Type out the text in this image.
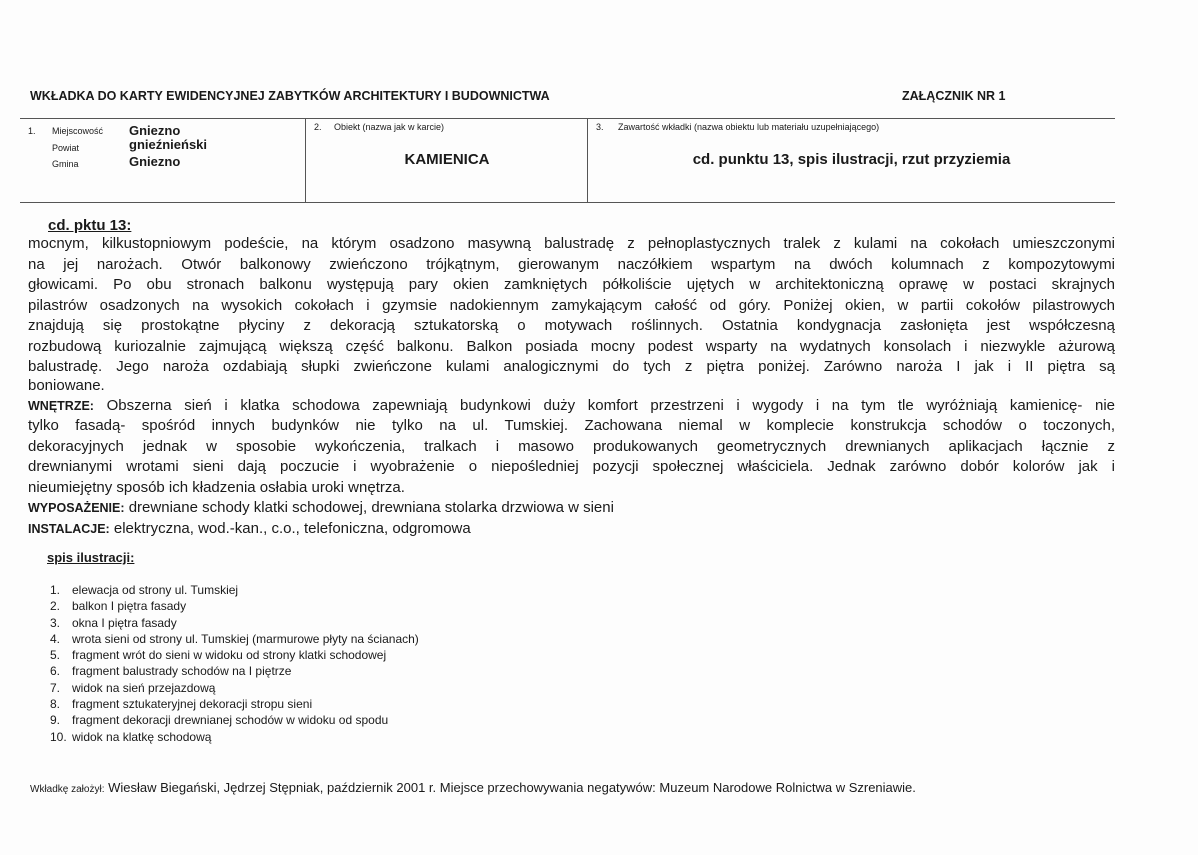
WKŁADKA DO KARTY EWIDENCYJNEJ ZABYTKÓW ARCHITEKTURY I BUDOWNICTWA	ZAŁĄCZNIK NR 1
1. Miejscowość Gniezno
Powiat	gnieźnieński
Gmina	Gniezno
2. Obiekt (nazwa jak w karcie)
KAMIENICA
3. Zawartość wkładki (nazwa obiektu lub materiału uzupełniającego)
cd. punktu 13, spis ilustracji, rzut przyziemia
cd. pktu 13:
mocnym, kilkustopniowym podeście, na którym osadzono masywną balustradę z pełnoplastycznych tralek z kulami na cokołach umieszczonymi
na jej narożach. Otwór balkonowy zwieńczono trójkątnym, gierowanym naczółkiem wspartym na dwóch kolumnach z kompozytowymi
głowicami. Po obu stronach balkonu występują pary okien zamkniętych półkoliście ujętych w architektoniczną oprawę w postaci skrajnych
pilastrów osadzonych na wysokich cokołach i gzymsie nadokiennym zamykającym całość od góry. Poniżej okien, w partii cokołów pilastrowych
znajdują się prostokątne płyciny z dekoracją sztukatorską o motywach roślinnych. Ostatnia kondygnacja zasłonięta jest współczesną
rozbudową kuriozalnie zajmującą większą część balkonu. Balkon posiada mocny podest wsparty na wydatnych konsolach i niezwykle ażurową
balustradę. Jego naroża ozdabiają słupki zwieńczone kulami analogicznymi do tych z piętra poniżej. Zarówno naroża I jak i II piętra są
boniowane.
WNĘTRZE: Obszerna sień i klatka schodowa zapewniają budynkowi duży komfort przestrzeni i wygody i na tym tle wyróżniają kamienicę- nie
tylko fasadą- spośród innych budynków nie tylko na ul. Tumskiej. Zachowana niemal w komplecie konstrukcja schodów o toczonych,
dekoracyjnych jednak w sposobie wykończenia, tralkach i masowo produkowanych geometrycznych drewnianych aplikacjach łącznie z
drewnianymi wrotami sieni dają poczucie i wyobrażenie o niepośledniej pozycji społecznej właściciela. Jednak zarówno dobór kolorów jak i
nieumiejętny sposób ich kładzenia osłabia uroki wnętrza.
WYPOSAŻENIE: drewniane schody klatki schodowej, drewniana stolarka drzwiowa w sieni
INSTALACJE: elektryczna, wod.-kan., c.o., telefoniczna, odgromowa
spis ilustracji:
1. elewacja od strony ul. Tumskiej
2. balkon I piętra fasady
3. okna I piętra fasady
4. wrota sieni od strony ul. Tumskiej (marmurowe płyty na ścianach)
5. fragment wrót do sieni w widoku od strony klatki schodowej
6. fragment balustrady schodów na I piętrze
7. widok na sień przejazdową
8. fragment sztukateryjnej dekoracji stropu sieni
9. fragment dekoracji drewnianej schodów w widoku od spodu
10. widok na klatkę schodową
Wkładkę założył: Wiesław Biegański, Jędrzej Stępniak, październik 2001 r. Miejsce przechowywania negatywów: Muzeum Narodowe Rolnictwa w Szreniawie.
